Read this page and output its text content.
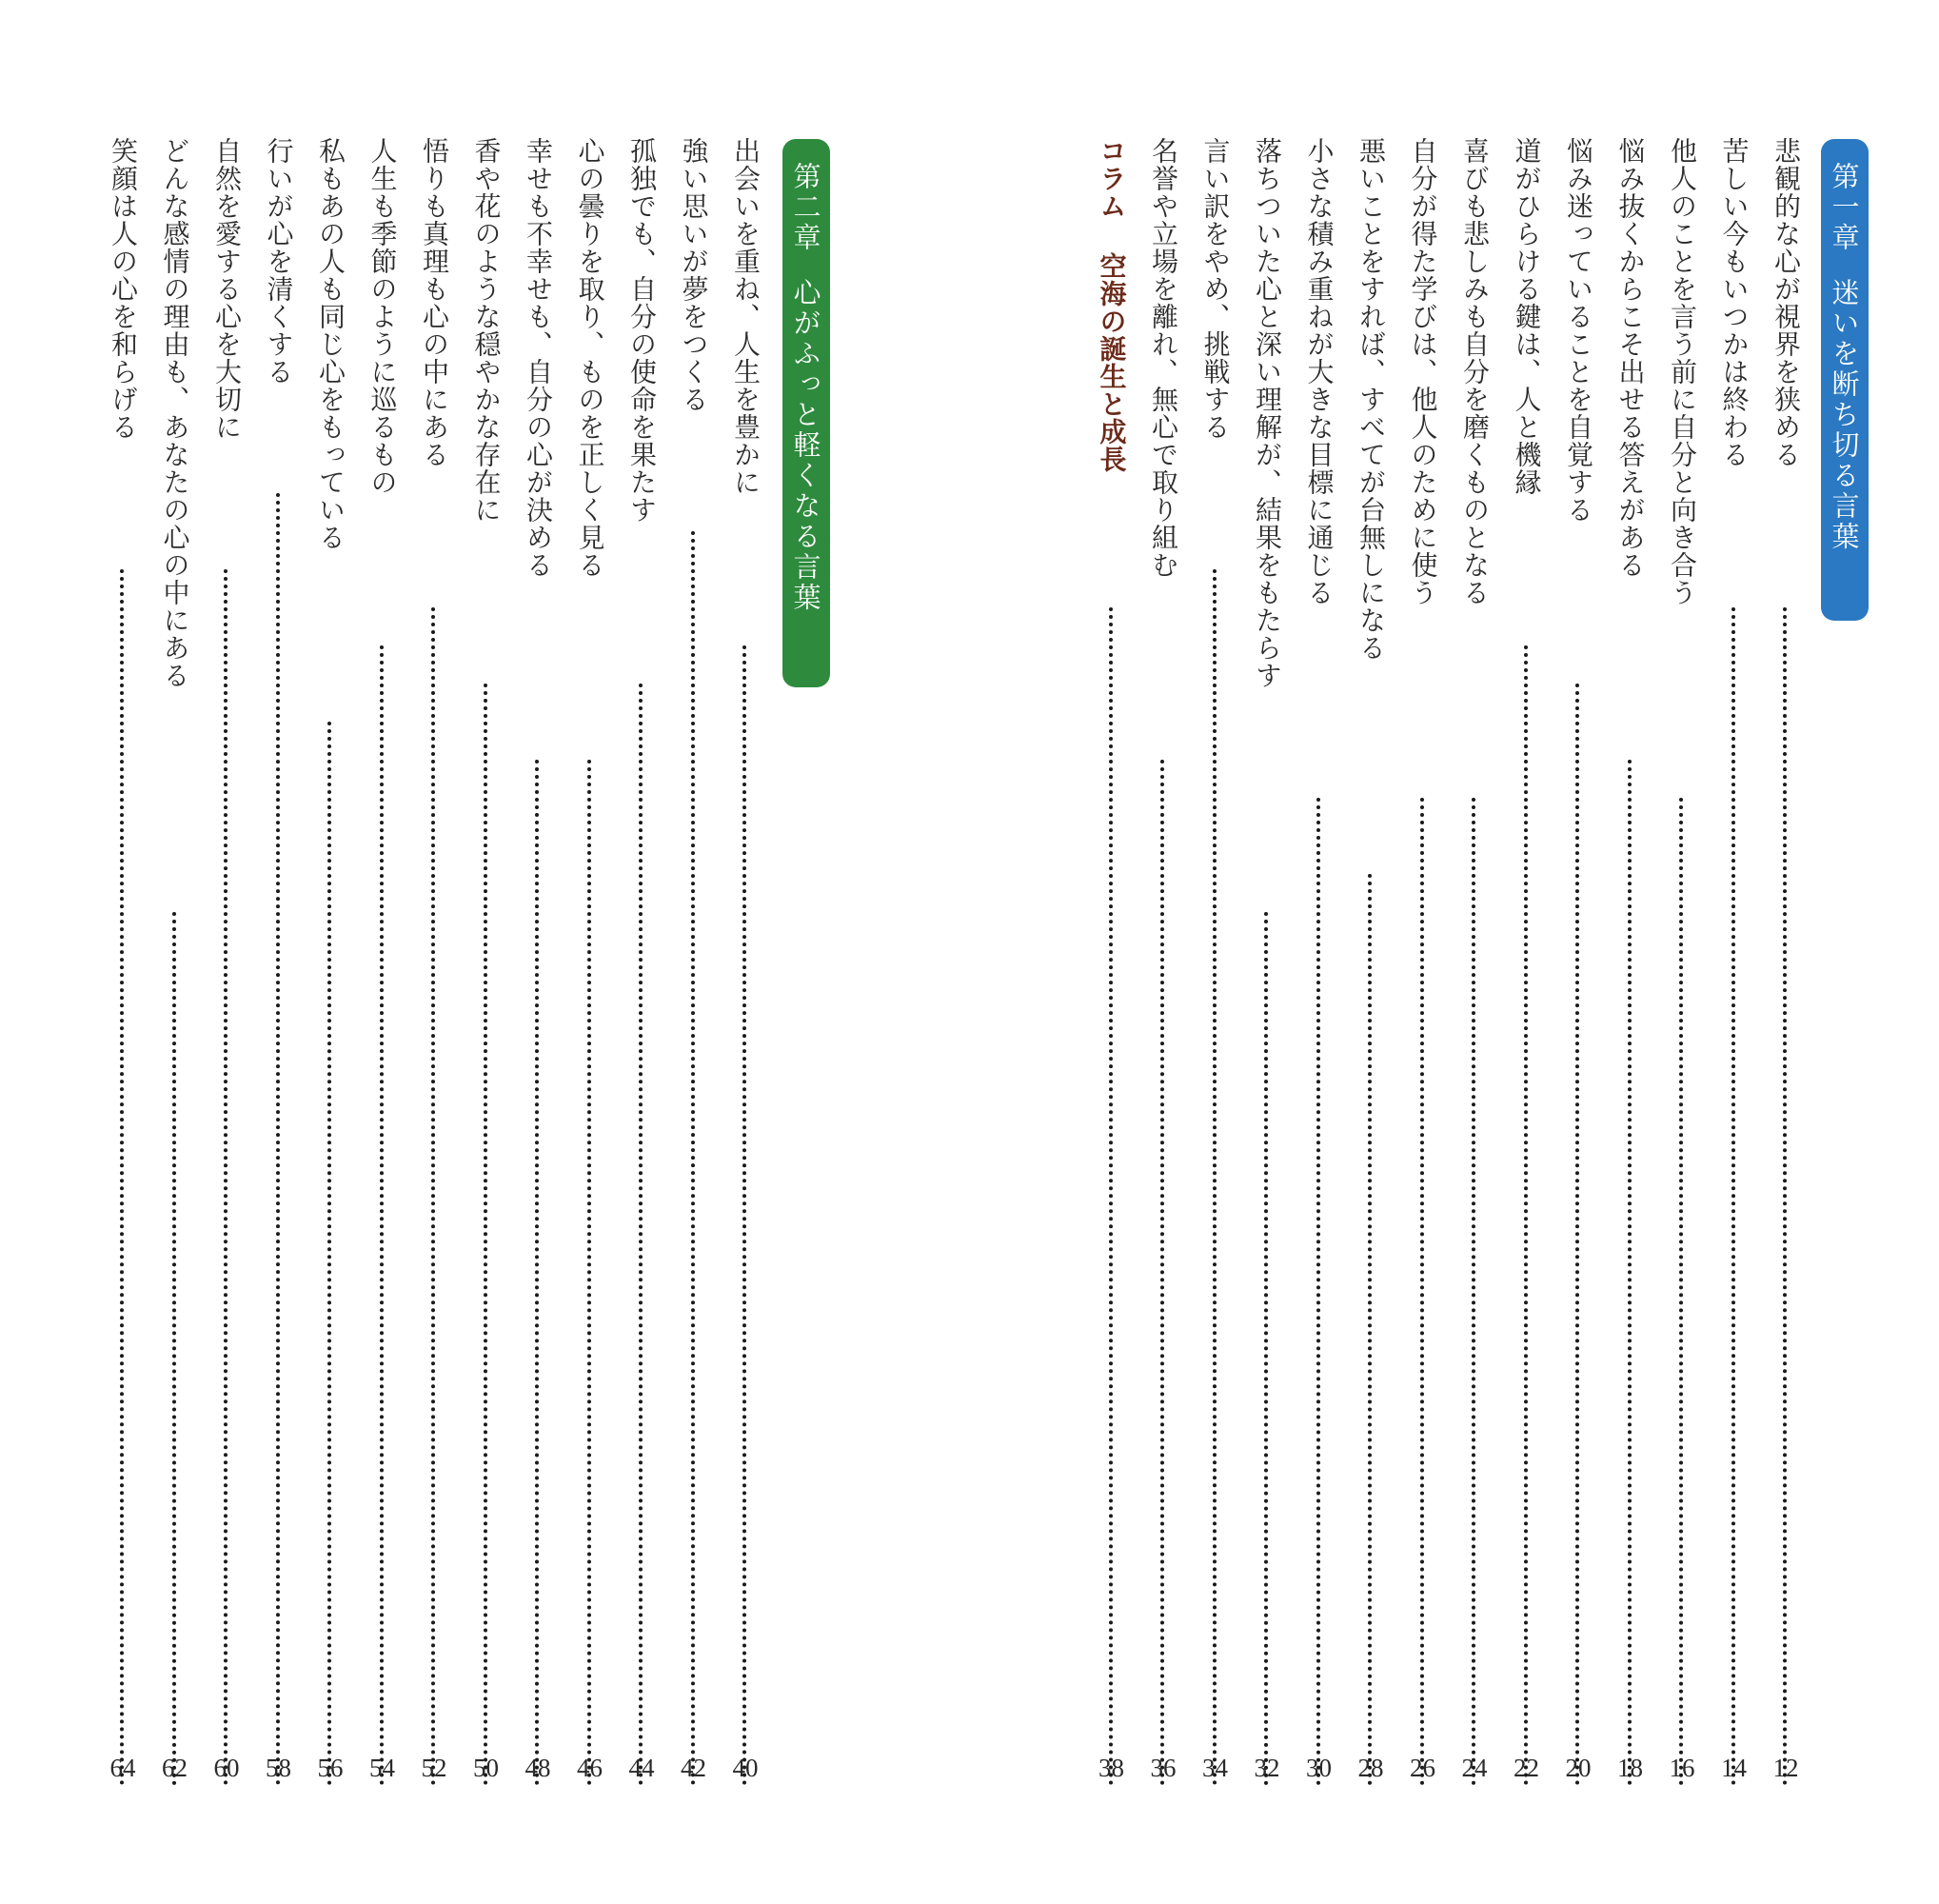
第一章
迷いを断ち切る言葉
悲観的な心が視界を狭める
12
苦しい今もいつかは終わる
14
他人のことを言う前に自分と向き合う
16
悩み抜くからこそ出せる答えがある
18
悩み迷っていることを自覚する
20
道がひらける鍵は、人と機縁
22
喜びも悲しみも自分を磨くものとなる
24
自分が得た学びは、他人のために使う
26
悪いことをすれば、すべてが台無しになる
28
小さな積み重ねが大きな目標に通じる
30
落ちついた心と深い理解が、結果をもたらす
32
言い訳をやめ、挑戦する
34
名誉や立場を離れ、無心で取り組む
36
コラム 空海の誕生と成長
38
第二章
心がふっと軽くなる言葉
出会いを重ね、人生を豊かに
40
強い思いが夢をつくる
42
孤独でも、自分の使命を果たす
44
心の曇りを取り、ものを正しく見る
46
幸せも不幸せも、自分の心が決める
48
香や花のような穏やかな存在に
50
悟りも真理も心の中にある
52
人生も季節のように巡るもの
54
私もあの人も同じ心をもっている
56
行いが心を清くする
58
自然を愛する心を大切に
60
どんな感情の理由も、あなたの心の中にある
62
笑顔は人の心を和らげる
64
